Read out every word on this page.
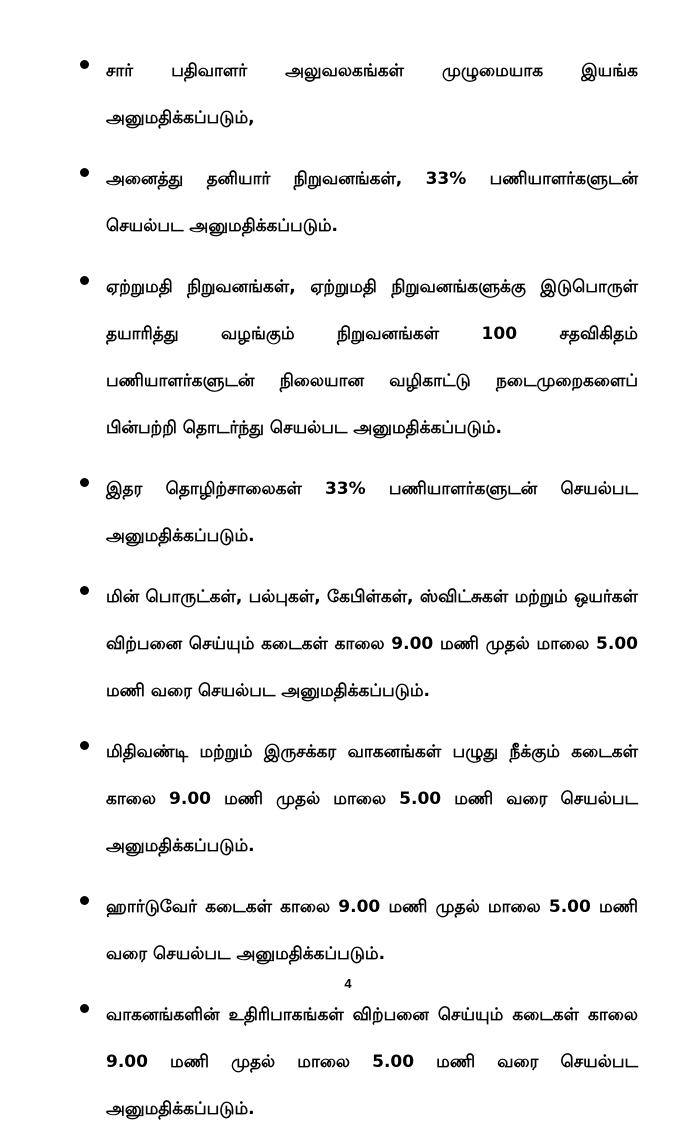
சார் பதிவாளர் அலுவலகங்கள் முழுமையாக இயங்க அனுமதிக்கப்படும்,

அனைத்து தனியார் நிறுவனங்கள், 33% பணியாளர்களுடன் செயல்பட அனுமதிக்கப்படும்.

ஏற்றுமதி நிறுவனங்கள், ஏற்றுமதி நிறுவனங்களுக்கு இடுபொருள் தயாரித்து வழங்கும் நிறுவனங்கள் 100 சதவிகிதம் பணியாளர்களுடன் நிலையான வழிகாட்டு நடைமுறைகளைப் பின்பற்றி தொடர்ந்து செயல்பட அனுமதிக்கப்படும்.

இதர தொழிற்சாலைகள் 33% பணியாளர்களுடன் செயல்பட அனுமதிக்கப்படும்.

மின் பொருட்கள், பல்புகள், கேபிள்கள், ஸ்விட்சுகள் மற்றும் ஒயர்கள் விற்பனை செய்யும் கடைகள் காலை 9.00 மணி முதல் மாலை 5.00 மணி வரை செயல்பட அனுமதிக்கப்படும்.

மிதிவண்டி மற்றும் இருசக்கர வாகனங்கள் பழுது நீக்கும் கடைகள் காலை 9.00 மணி முதல் மாலை 5.00 மணி வரை செயல்பட அனுமதிக்கப்படும்.

ஹார்டுவேர் கடைகள் காலை 9.00 மணி முதல் மாலை 5.00 மணி வரை செயல்பட அனுமதிக்கப்படும்.

வாகனங்களின் உதிரிபாகங்கள் விற்பனை செய்யும் கடைகள் காலை 9.00 மணி முதல் மாலை 5.00 மணி வரை செயல்பட அனுமதிக்கப்படும்.

4
